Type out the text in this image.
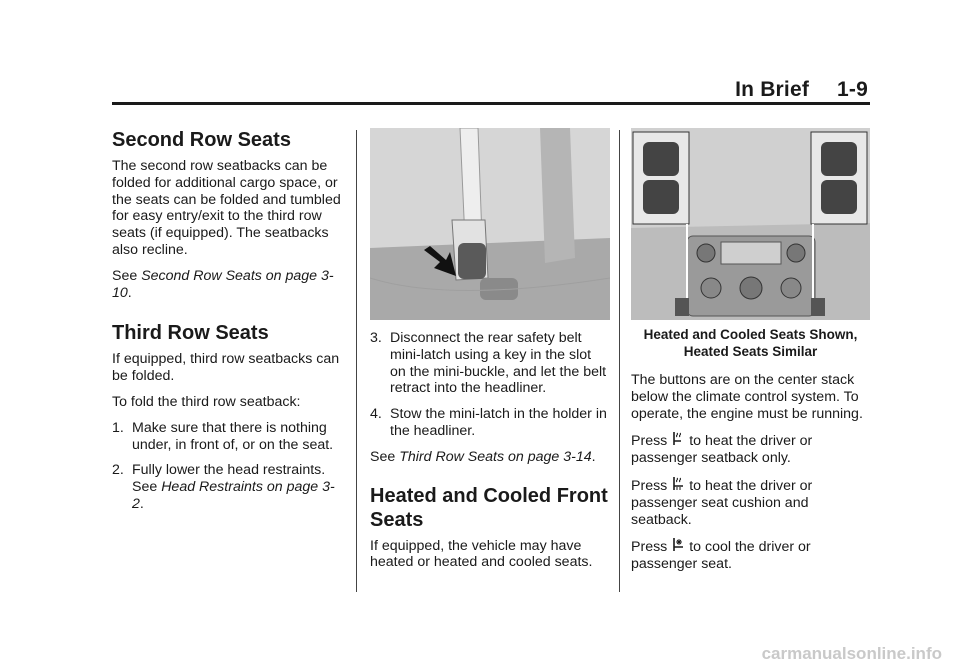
In Brief 1-9
Second Row Seats

The second row seatbacks can be folded for additional cargo space, or the seats can be folded and tumbled for easy entry/exit to the third row seats (if equipped). The seatbacks also recline.

See Second Row Seats on page 3-10.

Third Row Seats

If equipped, third row seatbacks can be folded.

To fold the third row seatback:

1. Make sure that there is nothing under, in front of, or on the seat.
2. Fully lower the head restraints.
See Head Restraints on page 3-2.
3. Disconnect the rear safety belt mini-latch using a key in the slot on the mini-buckle, and let the belt retract into the headliner.
4. Stow the mini-latch in the holder in the headliner.

See Third Row Seats on page 3-14.

Heated and Cooled Front Seats

If equipped, the vehicle may have heated or heated and cooled seats.

Heated and Cooled Seats Shown, Heated Seats Similar

The buttons are on the center stack below the climate control system. To operate, the engine must be running.

Press to heat the driver or passenger seatback only.

Press to heat the driver or passenger seat cushion and seatback.

Press to cool the driver or passenger seat.

carmanualsonline.info
